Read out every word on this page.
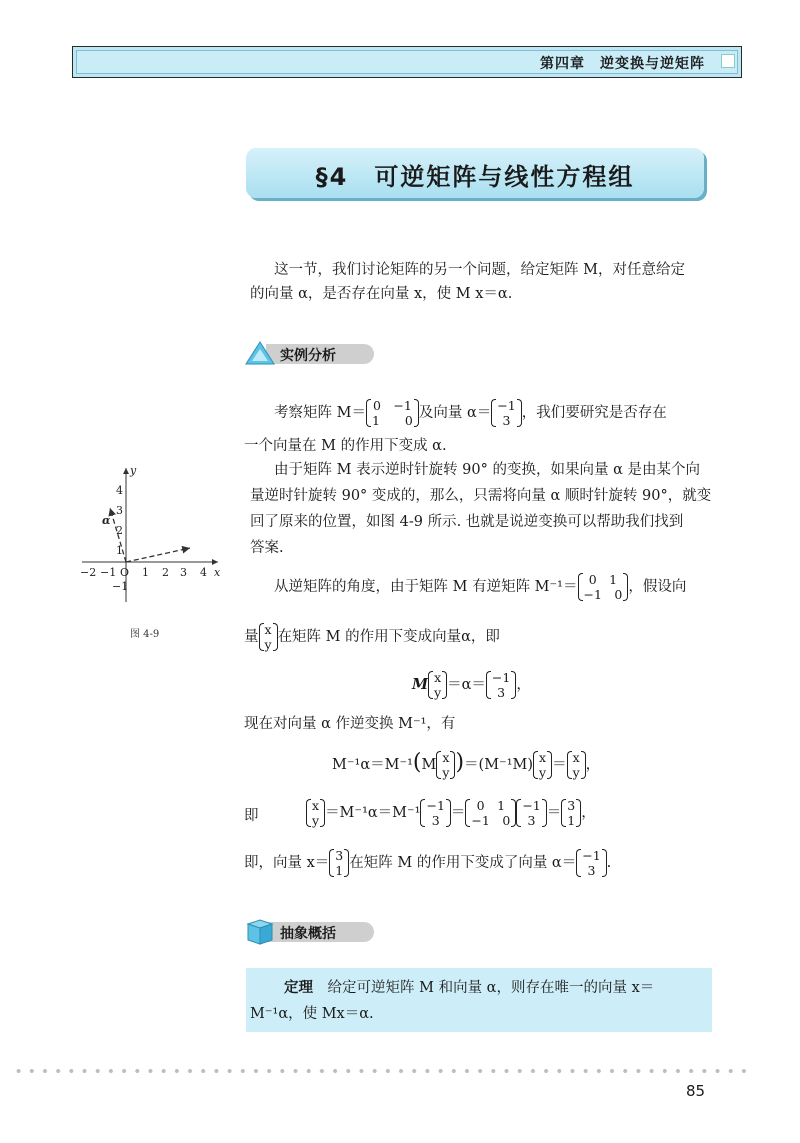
第四章　逆变换与逆矩阵
§4　可逆矩阵与线性方程组
这一节，我们讨论矩阵的另一个问题，给定矩阵 M，对任意给定
的向量 α，是否存在向量 x，使 M x＝α.
实例分析
考察矩阵 M＝ 0　−1
1　　0 及向量 α＝ −1
3 ，我们要研究是否存在
一个向量在 M 的作用下变成 α.
由于矩阵 M 表示逆时针旋转 90° 的变换，如果向量 α 是由某个向
量逆时针旋转 90° 变成的，那么，只需将向量 α 顺时针旋转 90°，就变
回了原来的位置，如图 4-9 所示. 也就是说逆变换可以帮助我们找到
答案.
从逆矩阵的角度，由于矩阵 M 有逆矩阵 M⁻¹＝ 0　1
−1　0 ，假设向
量 x
y 在矩阵 M 的作用下变成向量α，即
M x
y ＝α＝ −1
3 ，
现在对向量 α 作逆变换 M⁻¹，有
M⁻¹α＝M⁻¹(M x
y )＝(M⁻¹M) x
y ＝ x
y ，
即
x
y ＝M⁻¹α＝M⁻¹ −1
3 ＝ 0　1
−1　0
−1
3 ＝ 3
1 ，
即，向量 x＝ 3
1 在矩阵 M 的作用下变成了向量 α＝ −1
3 .
抽象概括
定理　 给定可逆矩阵 M 和向量 α，则存在唯一的向量 x＝
M⁻¹α，使 Mx＝α.
−2 −1 O 1 2 3 4 x
4
3
2
1
−1
y
α
图 4-9
85
